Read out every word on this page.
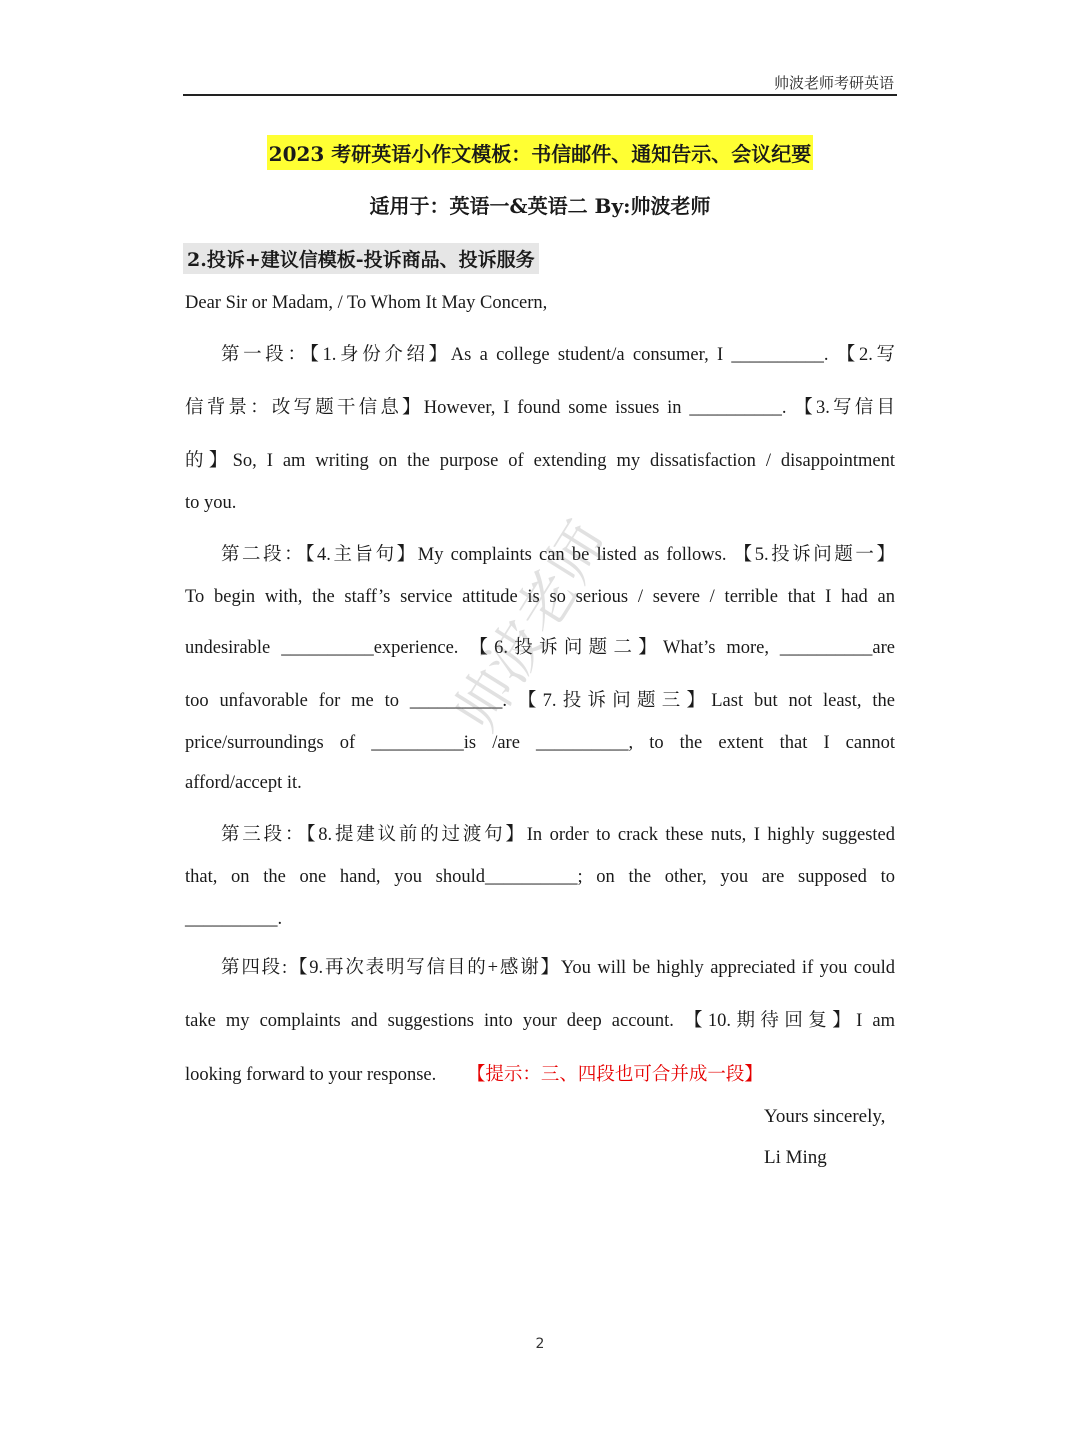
帅波老师考研英语
2023 考研英语小作文模板：书信邮件、通知告示、会议纪要
适用于：英语一&英语二 By:帅波老师
2.投诉+建议信模板-投诉商品、投诉服务
Dear Sir or Madam, / To Whom It May Concern,
第一段：【1.身份介绍】As a college student/a consumer, I __________. 【2.写
信背景：改写题干信息】However, I found some issues in __________. 【3.写信目
的】So, I am writing on the purpose of extending my dissatisfaction / disappointment
to you.
第二段：【4.主旨句】My complaints can be listed as follows. 【5.投诉问题一】
To begin with, the staff’s service attitude is so serious / severe / terrible that I had an
undesirable __________experience. 【6.投诉问题二】What’s more, __________are
too unfavorable for me to __________. 【7.投诉问题三】Last but not least, the
price/surroundings of __________is /are __________, to the extent that I cannot
afford/accept it.
第三段：【8.提建议前的过渡句】In order to crack these nuts, I highly suggested
that, on the one hand, you should__________; on the other, you are supposed to
__________.
第四段:【9.再次表明写信目的+感谢】You will be highly appreciated if you could
take my complaints and suggestions into your deep account. 【10.期待回复】I am
looking forward to your response. 【提示：三、四段也可合并成一段】
Yours sincerely,
Li Ming
2
帅波老师
